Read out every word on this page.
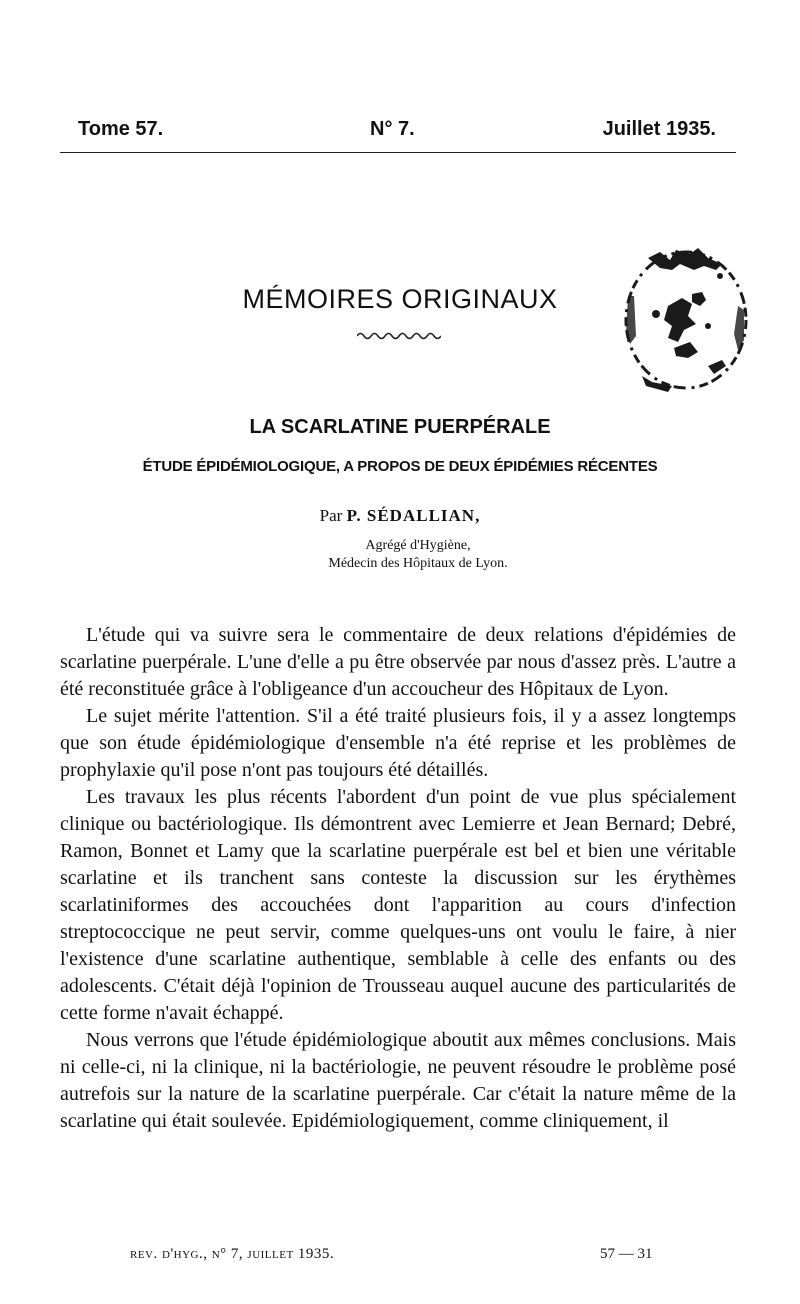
Tome 57.	N° 7.	Juillet 1935.
MÉMOIRES ORIGINAUX
LA SCARLATINE PUERPÉRALE
ÉTUDE ÉPIDÉMIOLOGIQUE, A PROPOS DE DEUX ÉPIDÉMIES RÉCENTES
Par P. SÉDALLIAN,
Agrégé d'Hygiène,
Médecin des Hôpitaux de Lyon.

L'étude qui va suivre sera le commentaire de deux relations d'épidémies de scarlatine puerpérale. L'une d'elle a pu être observée par nous d'assez près. L'autre a été reconstituée grâce à l'obligeance d'un accoucheur des Hôpitaux de Lyon.

Le sujet mérite l'attention. S'il a été traité plusieurs fois, il y a assez longtemps que son étude épidémiologique d'ensemble n'a été reprise et les problèmes de prophylaxie qu'il pose n'ont pas toujours été détaillés.

Les travaux les plus récents l'abordent d'un point de vue plus spécialement clinique ou bactériologique. Ils démontrent avec Lemierre et Jean Bernard; Debré, Ramon, Bonnet et Lamy que la scarlatine puerpérale est bel et bien une véritable scarlatine et ils tranchent sans conteste la discussion sur les érythèmes scarlatiniformes des accouchées dont l'apparition au cours d'infection streptococcique ne peut servir, comme quelques-uns ont voulu le faire, à nier l'existence d'une scarlatine authentique, semblable à celle des enfants ou des adolescents. C'était déjà l'opinion de Trousseau auquel aucune des particularités de cette forme n'avait échappé.

Nous verrons que l'étude épidémiologique aboutit aux mêmes conclusions. Mais ni celle-ci, ni la clinique, ni la bactériologie, ne peuvent résoudre le problème posé autrefois sur la nature de la scarlatine puerpérale. Car c'était la nature même de la scarlatine qui était soulevée. Epidémiologiquement, comme cliniquement, il

rev. d'hyg., n° 7, juillet 1935.	57 — 31
